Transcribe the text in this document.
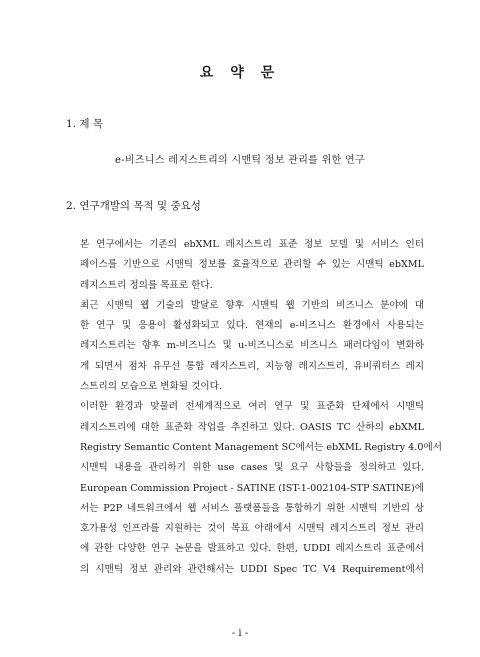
요 약 문
1. 제 목
e-비즈니스 레지스트리의 시맨틱 정보 관리를 위한 연구
2. 연구개발의 목적 및 중요성

본 연구에서는 기존의 ebXML 레지스트리 표준 정보 모델 및 서비스 인터
페이스를 기반으로 시맨틱 정보를 효율적으로 관리할 수 있는 시맨틱 ebXML
레지스트리 정의를 목표로 한다.

최근 시맨틱 웹 기술의 발달로 향후 시맨틱 웹 기반의 비즈니스 분야에 대
한 연구 및 응용이 활성화되고 있다. 현재의 e-비즈니스 환경에서 사용되는
레지스트리는 향후 m-비즈니스 및 u-비즈니스로 비즈니스 패러다임이 변화하
게 되면서 점차 유무선 통합 레지스트리, 지능형 레지스트리, 유비쿼터스 레지
스트리의 모습으로 변화될 것이다.

이러한 환경과 맞물려 전세계적으로 여러 연구 및 표준화 단체에서 시맨틱
레지스트리에 대한 표준화 작업을 추진하고 있다. OASIS TC 산하의 ebXML
Registry Semantic Content Management SC에서는 ebXML Registry 4.0에서
시맨틱 내용을 관리하기 위한 use cases 및 요구 사항들을 정의하고 있다.
European Commission Project - SATINE (IST-1-002104-STP SATINE)에
서는 P2P 네트워크에서 웹 서비스 플랫폼들을 통합하기 위한 시맨틱 기반의 상
호가용성 인프라를 지원하는 것이 목표 아래에서 시맨틱 레지스트리 정보 관리
에 관한 다양한 연구 논문을 발표하고 있다. 한편, UDDI 레지스트리 표준에서
의 시맨틱 정보 관리와 관련해서는 UDDI Spec TC V4 Requirement에서

- i -
